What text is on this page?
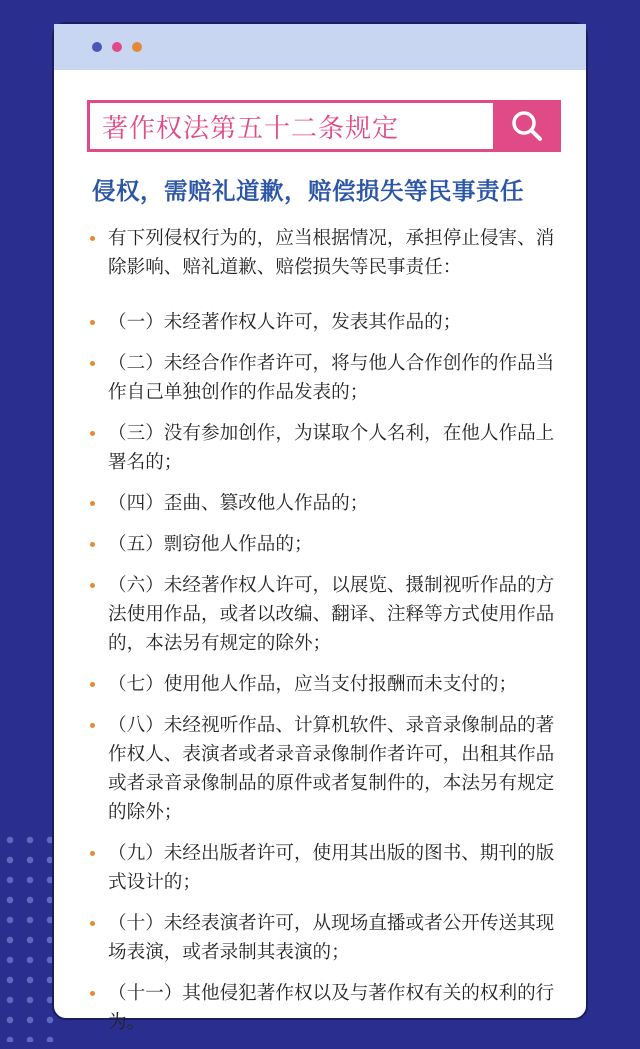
著作权法第五十二条规定
侵权，需赔礼道歉，赔偿损失等民事责任
有下列侵权行为的，应当根据情况，承担停止侵害、消除影响、赔礼道歉、赔偿损失等民事责任：
（一）未经著作权人许可，发表其作品的；
（二）未经合作作者许可，将与他人合作创作的作品当作自己单独创作的作品发表的；
（三）没有参加创作，为谋取个人名利，在他人作品上署名的；
（四）歪曲、篡改他人作品的；
（五）剽窃他人作品的；
（六）未经著作权人许可，以展览、摄制视听作品的方法使用作品，或者以改编、翻译、注释等方式使用作品的，本法另有规定的除外；
（七）使用他人作品，应当支付报酬而未支付的；
（八）未经视听作品、计算机软件、录音录像制品的著作权人、表演者或者录音录像制作者许可，出租其作品或者录音录像制品的原件或者复制件的，本法另有规定的除外；
（九）未经出版者许可，使用其出版的图书、期刊的版式设计的；
（十）未经表演者许可，从现场直播或者公开传送其现场表演，或者录制其表演的；
（十一）其他侵犯著作权以及与著作权有关的权利的行为。
